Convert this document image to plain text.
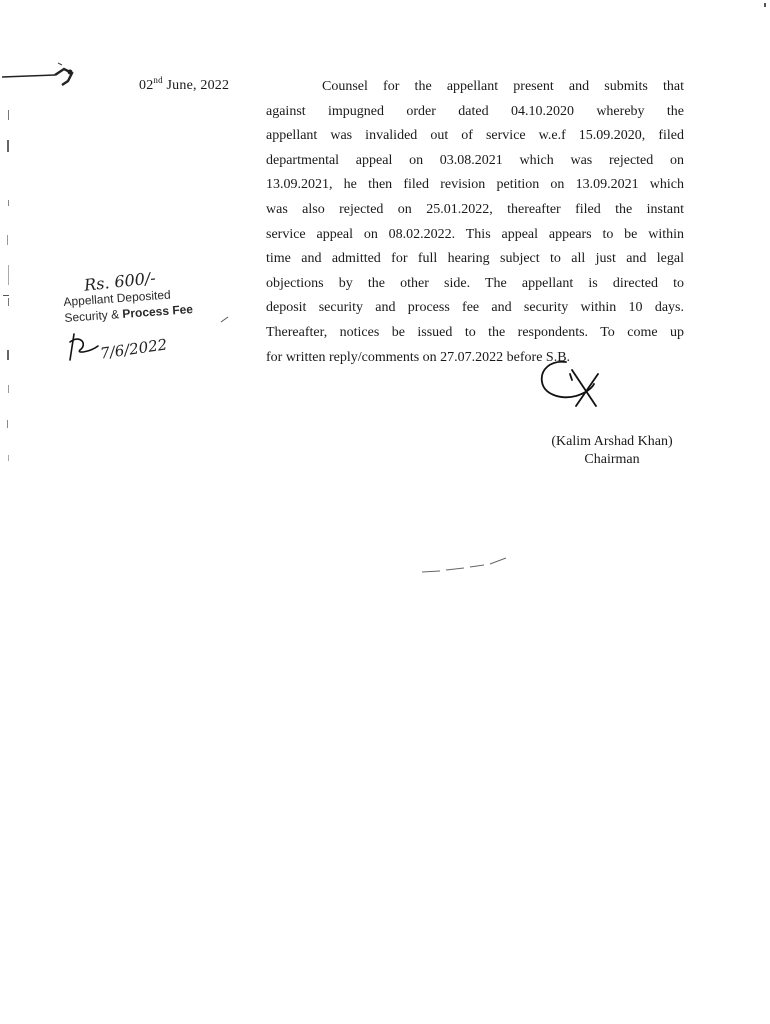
02nd June, 2022	Counsel for the appellant present and submits that
against impugned order dated 04.10.2020 whereby the
appellant was invalided out of service w.e.f 15.09.2020, filed
departmental appeal on 03.08.2021 which was rejected on
13.09.2021, he then filed revision petition on 13.09.2021 which
was also rejected on 25.01.2022, thereafter filed the instant
service appeal on 08.02.2022. This appeal appears to be within
time and admitted for full hearing subject to all just and legal
objections by the other side. The appellant is directed to
deposit security and process fee and security within 10 days.
Thereafter, notices be issued to the respondents. To come up
for written reply/comments on 27.07.2022 before S.B.
(Kalim Arshad Khan)
Chairman
Rs. 600/-
Appellant Deposited
Security & Process Fee
7/6/2022
